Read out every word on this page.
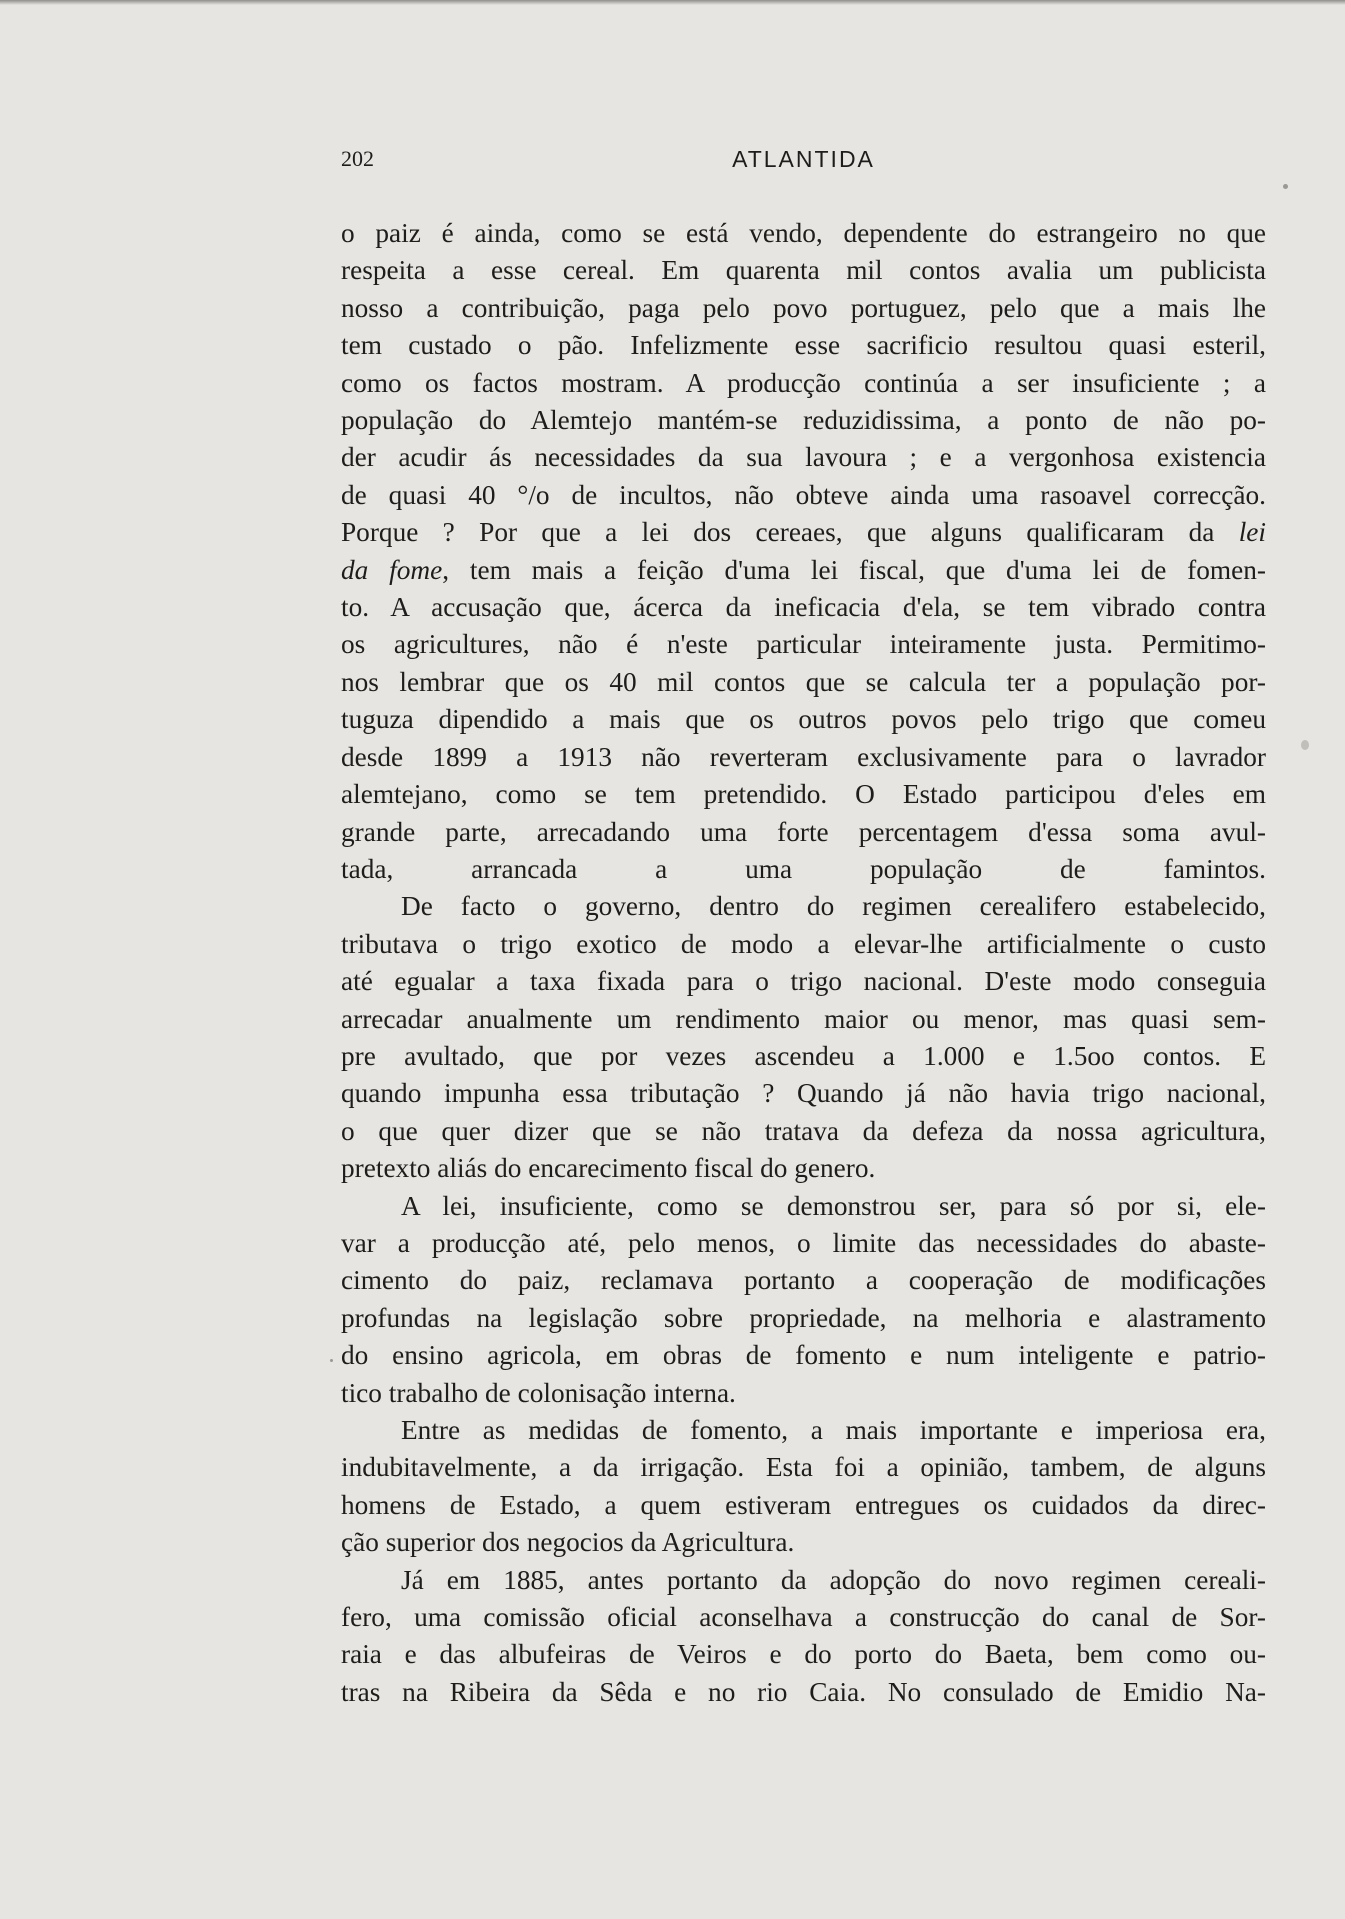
202	ATLANTIDA
o paiz é ainda, como se está vendo, dependente do estrangeiro no que
respeita a esse cereal. Em quarenta mil contos avalia um publicista
nosso a contribuição, paga pelo povo portuguez, pelo que a mais lhe
tem custado o pão. Infelizmente esse sacrificio resultou quasi esteril,
como os factos mostram. A producção continúa a ser insuficiente ; a
população do Alemtejo mantém-se reduzidissima, a ponto de não po-
der acudir ás necessidades da sua lavoura ; e a vergonhosa existencia
de quasi 40 °/o de incultos, não obteve ainda uma rasoavel correcção.
Porque ? Por que a lei dos cereaes, que alguns qualificaram da lei
da fome, tem mais a feição d'uma lei fiscal, que d'uma lei de fomen-
to. A accusação que, ácerca da ineficacia d'ela, se tem vibrado contra
os agricultures, não é n'este particular inteiramente justa. Permitimo-
nos lembrar que os 40 mil contos que se calcula ter a população por-
tuguza dipendido a mais que os outros povos pelo trigo que comeu
desde 1899 a 1913 não reverteram exclusivamente para o lavrador
alemtejano, como se tem pretendido. O Estado participou d'eles em
grande parte, arrecadando uma forte percentagem d'essa soma avul-
tada, arrancada a uma população de famintos.
De facto o governo, dentro do regimen cerealifero estabelecido,
tributava o trigo exotico de modo a elevar-lhe artificialmente o custo
até egualar a taxa fixada para o trigo nacional. D'este modo conseguia
arrecadar anualmente um rendimento maior ou menor, mas quasi sem-
pre avultado, que por vezes ascendeu a 1.000 e 1.5oo contos. E
quando impunha essa tributação ? Quando já não havia trigo nacional,
o que quer dizer que se não tratava da defeza da nossa agricultura,
pretexto aliás do encarecimento fiscal do genero.
A lei, insuficiente, como se demonstrou ser, para só por si, ele-
var a producção até, pelo menos, o limite das necessidades do abaste-
cimento do paiz, reclamava portanto a cooperação de modificações
profundas na legislação sobre propriedade, na melhoria e alastramento
do ensino agricola, em obras de fomento e num inteligente e patrio-
tico trabalho de colonisação interna.
Entre as medidas de fomento, a mais importante e imperiosa era,
indubitavelmente, a da irrigação. Esta foi a opinião, tambem, de alguns
homens de Estado, a quem estiveram entregues os cuidados da direc-
ção superior dos negocios da Agricultura.
Já em 1885, antes portanto da adopção do novo regimen cereali-
fero, uma comissão oficial aconselhava a construcção do canal de Sor-
raia e das albufeiras de Veiros e do porto do Baeta, bem como ou-
tras na Ribeira da Sêda e no rio Caia. No consulado de Emidio Na-
